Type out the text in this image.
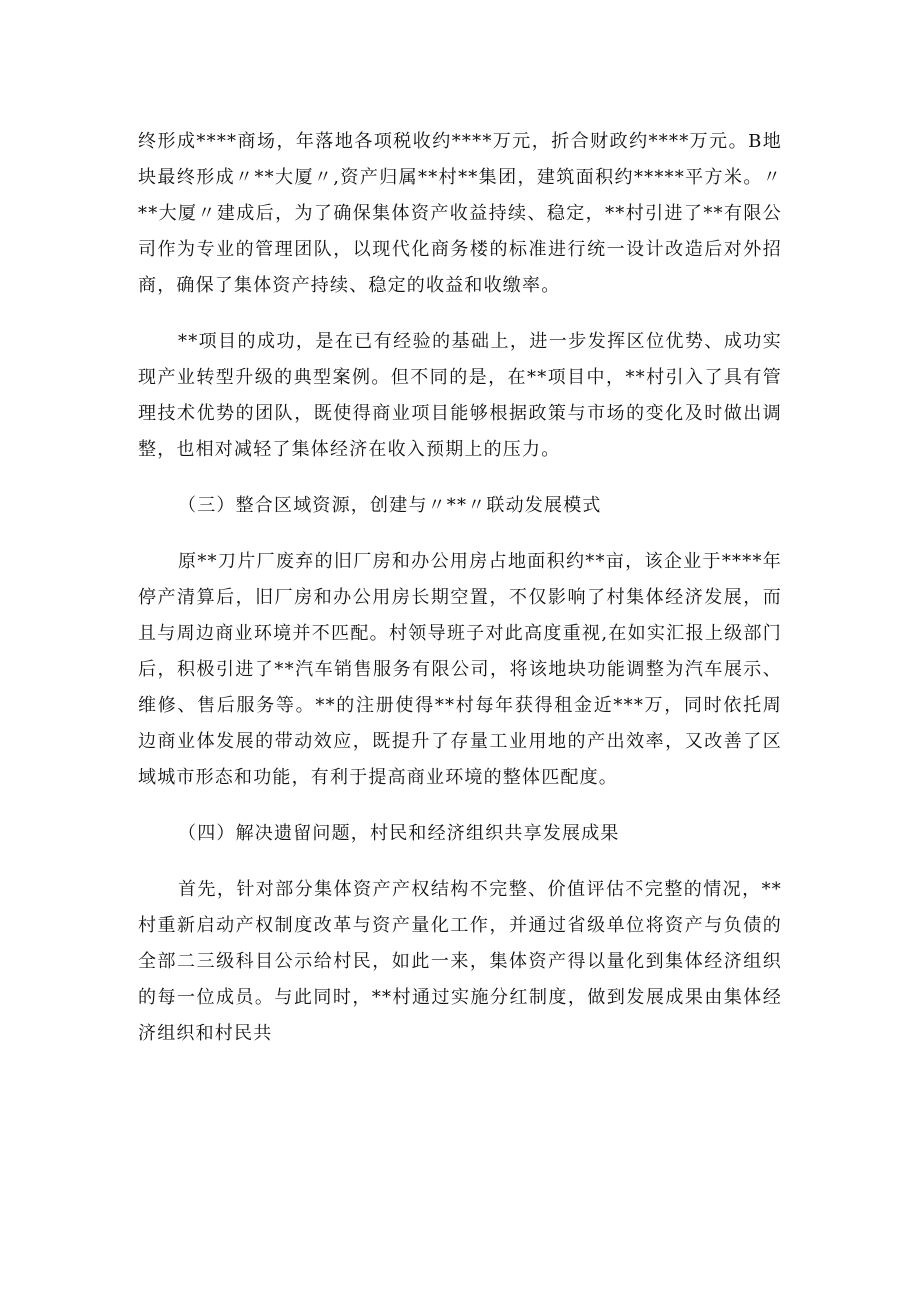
终形成****商场，年落地各项税收约****万元，折合财政约****万元。B地块最终形成〃**大厦〃,资产归属**村**集团，建筑面积约*****平方米。〃**大厦〃建成后，为了确保集体资产收益持续、稳定，**村引进了**有限公司作为专业的管理团队，以现代化商务楼的标准进行统一设计改造后对外招商，确保了集体资产持续、稳定的收益和收缴率。

**项目的成功，是在已有经验的基础上，进一步发挥区位优势、成功实现产业转型升级的典型案例。但不同的是，在**项目中，**村引入了具有管理技术优势的团队，既使得商业项目能够根据政策与市场的变化及时做出调整，也相对减轻了集体经济在收入预期上的压力。

（三）整合区域资源，创建与〃**〃联动发展模式

原**刀片厂废弃的旧厂房和办公用房占地面积约**亩，该企业于****年停产清算后，旧厂房和办公用房长期空置，不仅影响了村集体经济发展，而且与周边商业环境并不匹配。村领导班子对此高度重视,在如实汇报上级部门后，积极引进了**汽车销售服务有限公司，将该地块功能调整为汽车展示、维修、售后服务等。**的注册使得**村每年获得租金近***万，同时依托周边商业体发展的带动效应，既提升了存量工业用地的产出效率，又改善了区域城市形态和功能，有利于提高商业环境的整体匹配度。

（四）解决遗留问题，村民和经济组织共享发展成果

首先，针对部分集体资产产权结构不完整、价值评估不完整的情况，**村重新启动产权制度改革与资产量化工作，并通过省级单位将资产与负债的全部二三级科目公示给村民，如此一来，集体资产得以量化到集体经济组织的每一位成员。与此同时，**村通过实施分红制度，做到发展成果由集体经济组织和村民共
